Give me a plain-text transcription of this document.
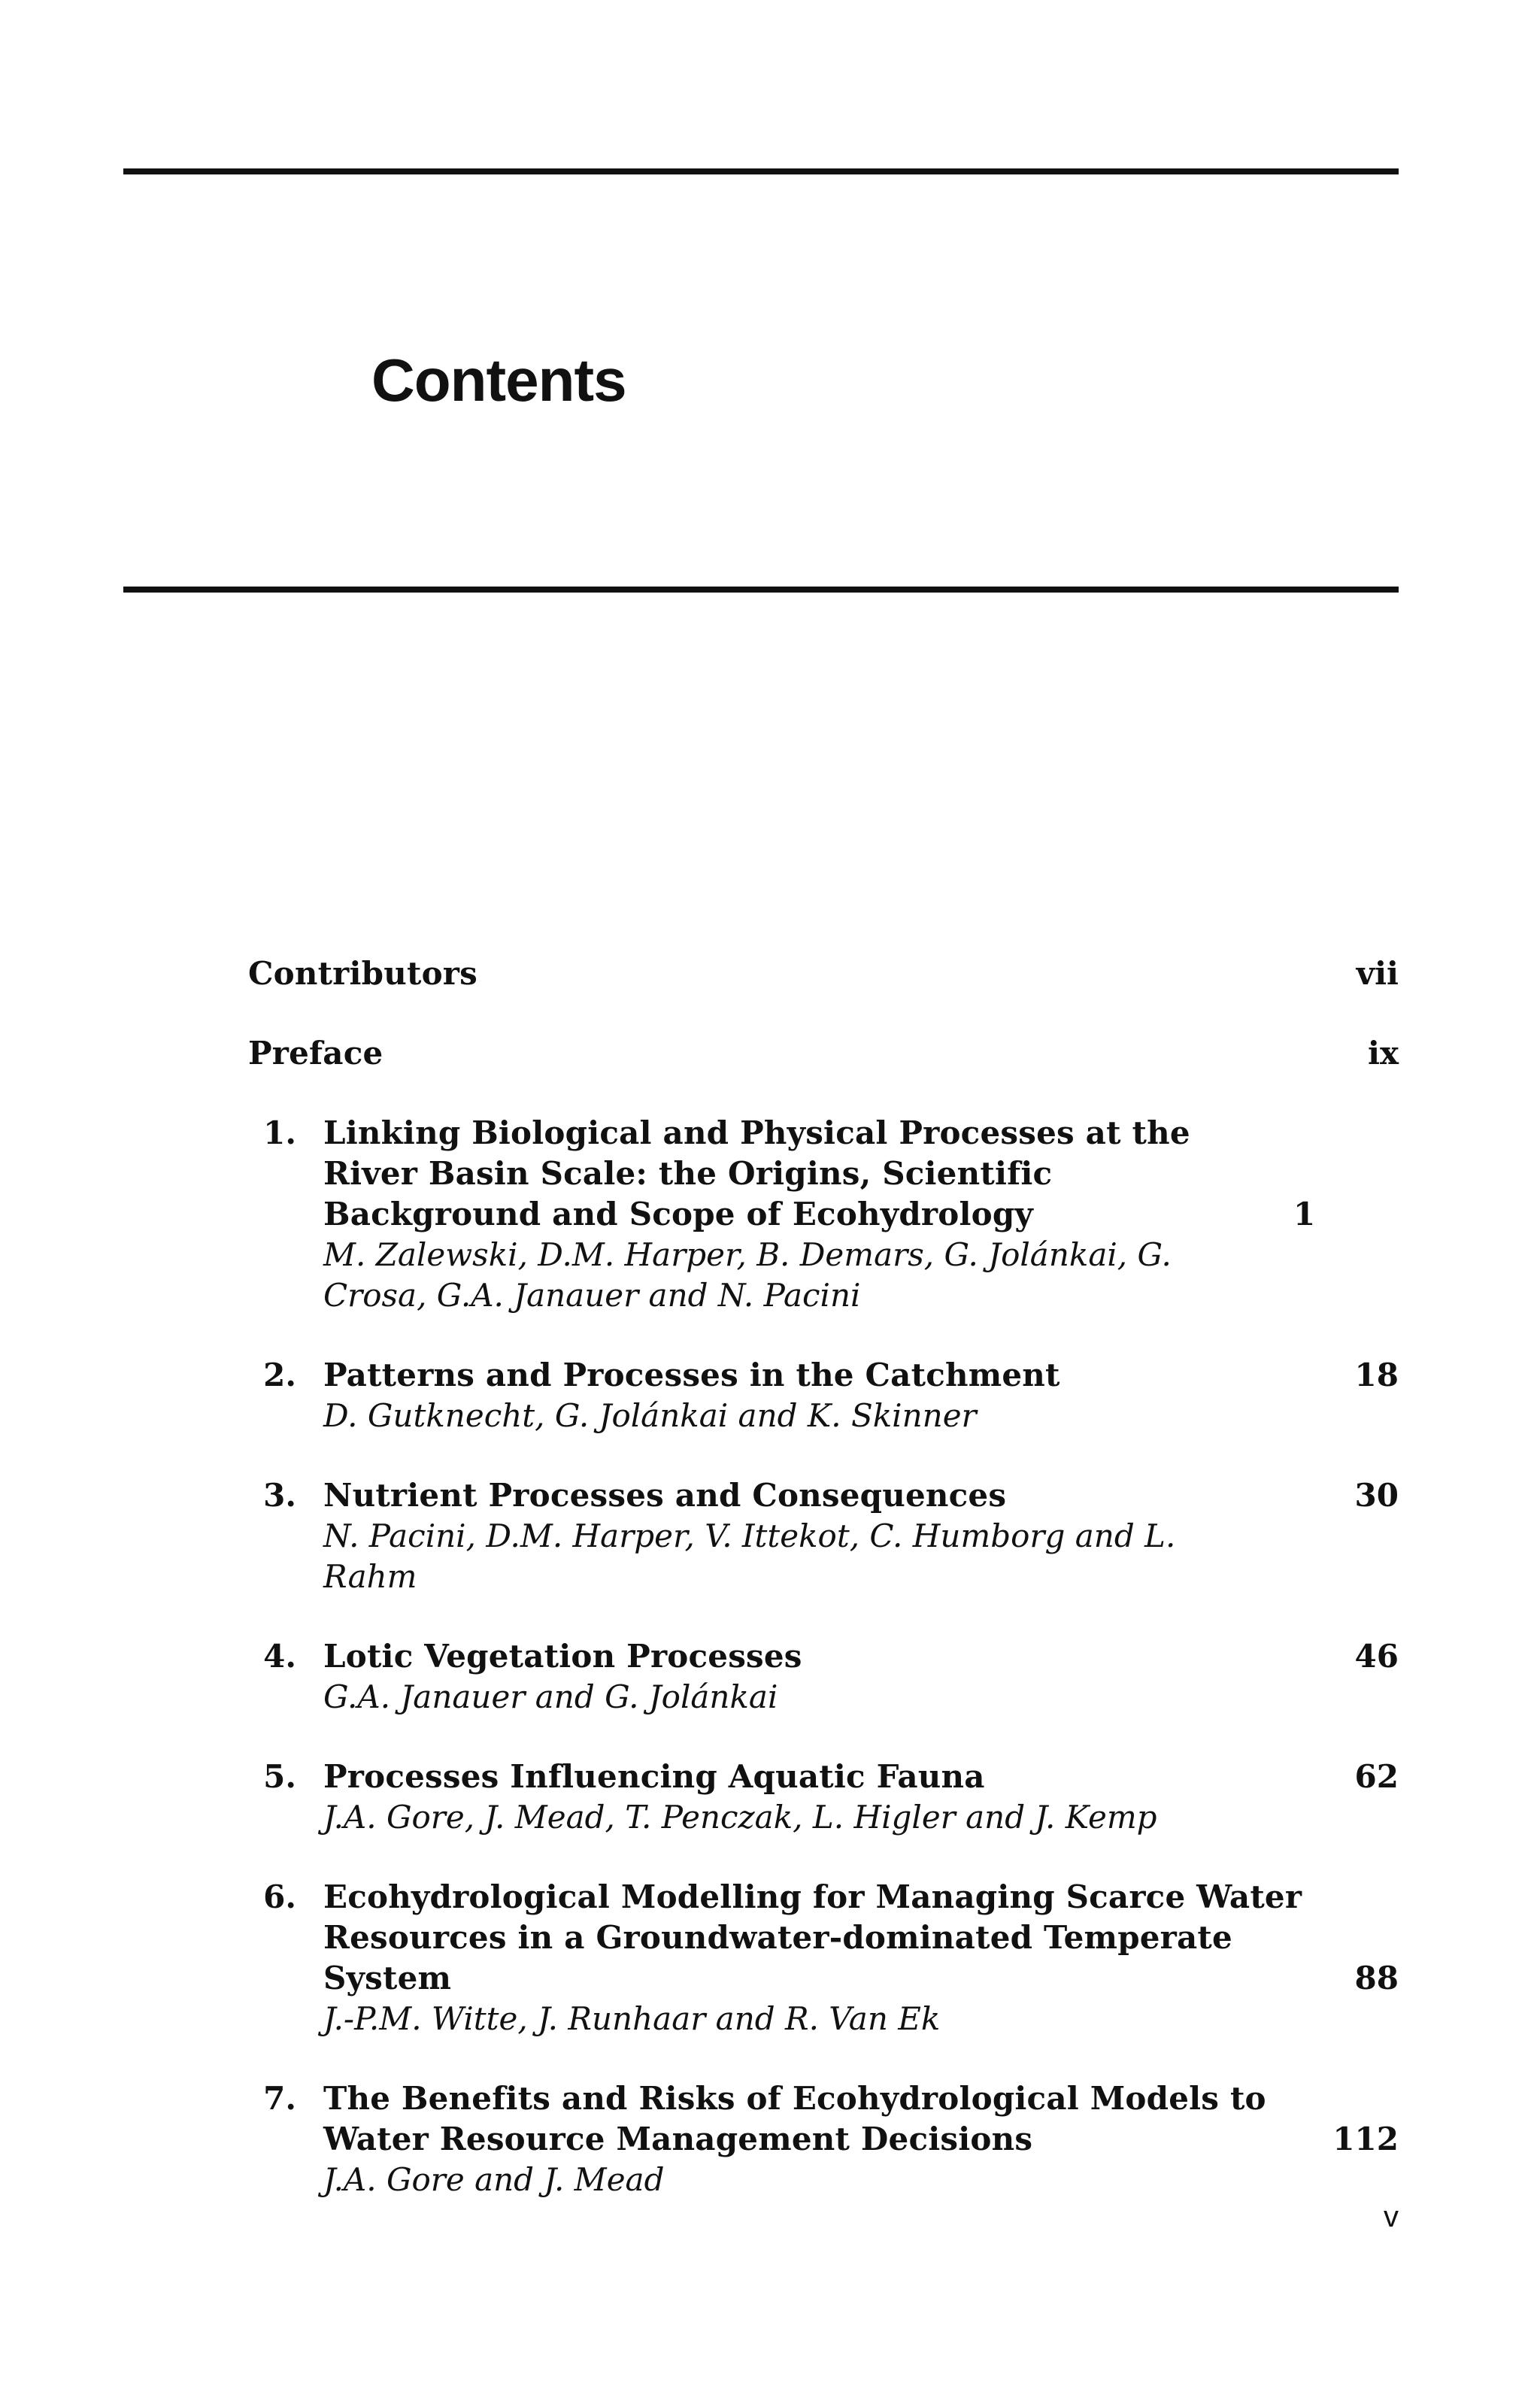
Contents
Contributors	vii
Preface	ix
1. Linking Biological and Physical Processes at the River Basin Scale: the Origins, Scientific Background and Scope of Ecohydrology	1
M. Zalewski, D.M. Harper, B. Demars, G. Jolánkai, G. Crosa, G.A. Janauer and N. Pacini
2. Patterns and Processes in the Catchment	18
D. Gutknecht, G. Jolánkai and K. Skinner
3. Nutrient Processes and Consequences	30
N. Pacini, D.M. Harper, V. Ittekot, C. Humborg and L. Rahm
4. Lotic Vegetation Processes	46
G.A. Janauer and G. Jolánkai
5. Processes Influencing Aquatic Fauna	62
J.A. Gore, J. Mead, T. Penczak, L. Higler and J. Kemp
6. Ecohydrological Modelling for Managing Scarce Water Resources in a Groundwater-dominated Temperate System	88
J.-P.M. Witte, J. Runhaar and R. Van Ek
7. The Benefits and Risks of Ecohydrological Models to Water Resource Management Decisions	112
J.A. Gore and J. Mead
v
